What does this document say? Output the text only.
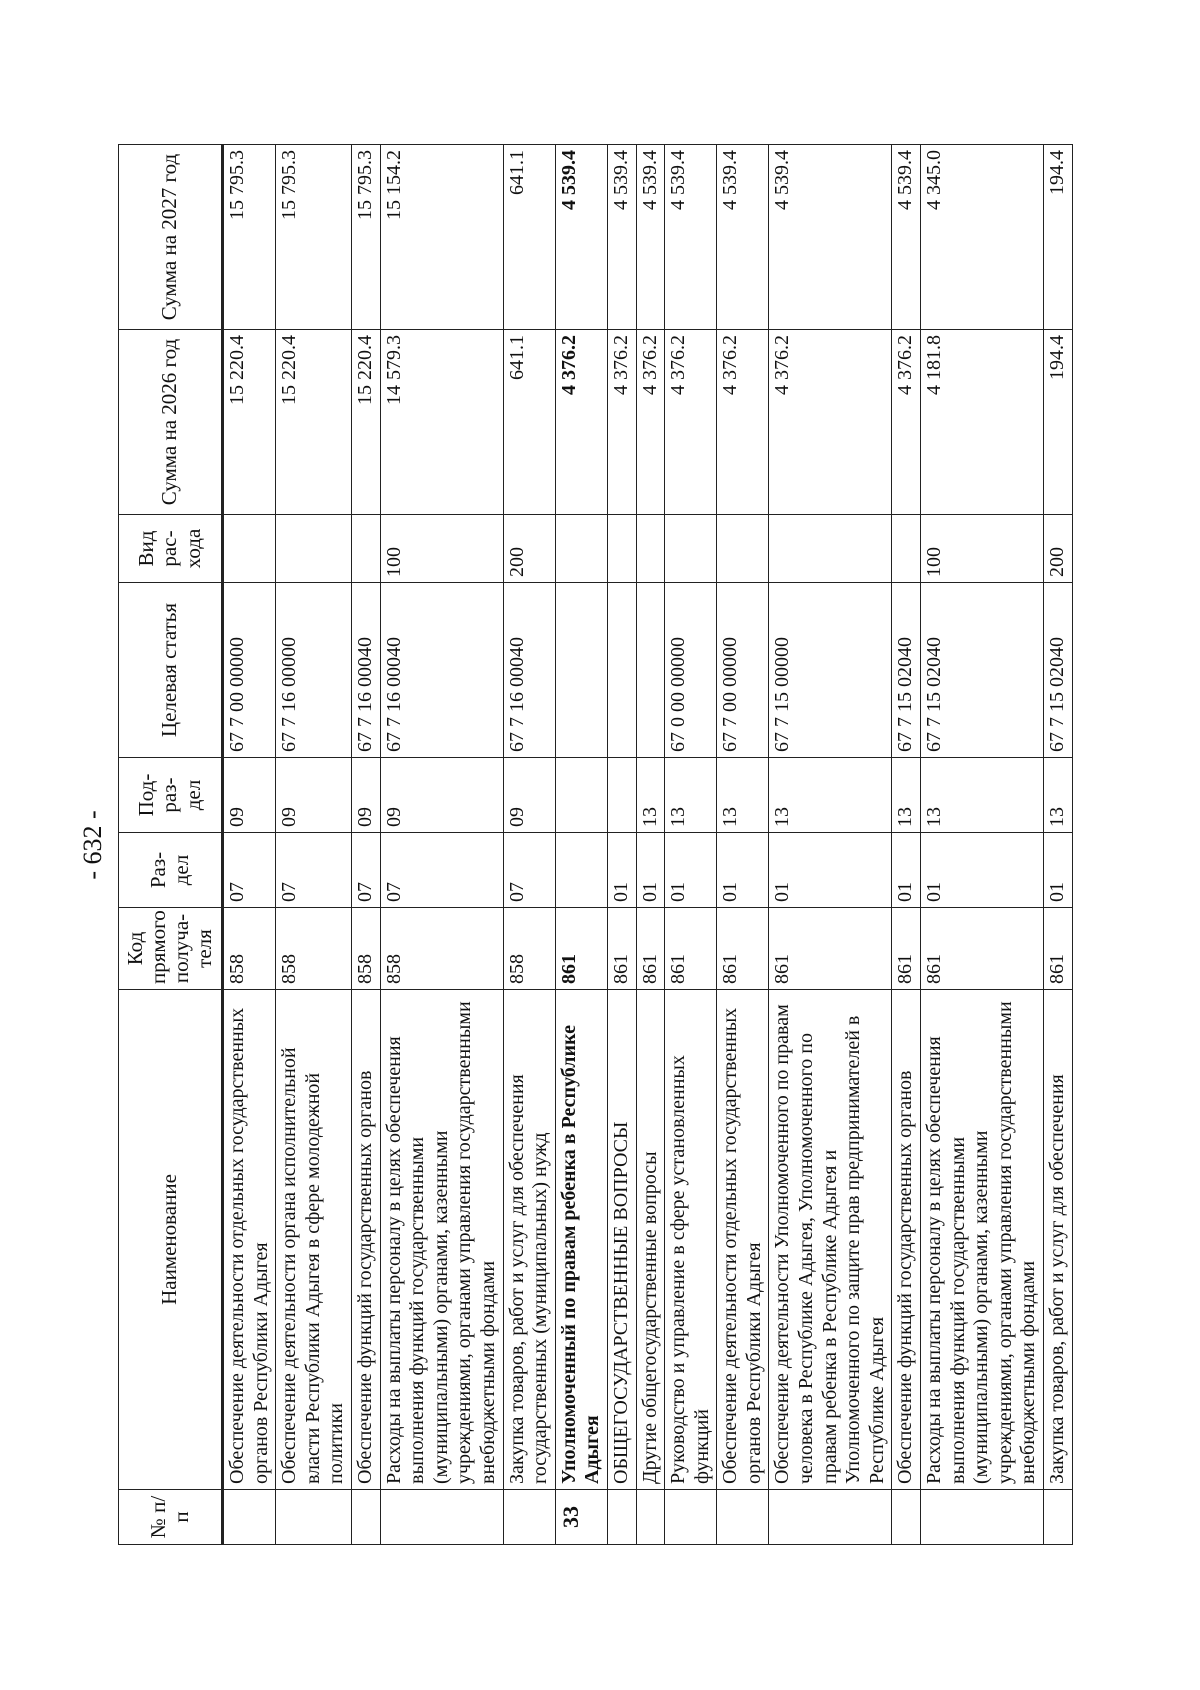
- 632 -
№ п/п	Наименование	Код прямого получа-теля	Раз-дел	Под-раз-дел	Целевая статья	Вид рас-хода	Сумма на 2026 год	Сумма на 2027 год
	Обеспечение деятельности отдельных государственных органов Республики Адыгея	858	07	09	67 7 00 00000		15 220.4	15 795.3
	Обеспечение деятельности органа исполнительной власти Республики Адыгея в сфере молодежной политики	858	07	09	67 7 16 00000		15 220.4	15 795.3
	Обеспечение функций государственных органов	858	07	09	67 7 16 00040		15 220.4	15 795.3
	Расходы на выплаты персоналу в целях обеспечения выполнения функций государственными (муниципальными) органами, казенными учреждениями, органами управления государственными внебюджетными фондами	858	07	09	67 7 16 00040	100	14 579.3	15 154.2
	Закупка товаров, работ и услуг для обеспечения государственных (муниципальных) нужд	858	07	09	67 7 16 00040	200	641.1	641.1
33	Уполномоченный по правам ребенка в Республике Адыгея	861					4 376.2	4 539.4
	ОБЩЕГОСУДАРСТВЕННЫЕ ВОПРОСЫ	861	01				4 376.2	4 539.4
	Другие общегосударственные вопросы	861	01	13			4 376.2	4 539.4
	Руководство и управление в сфере установленных функций	861	01	13	67 0 00 00000		4 376.2	4 539.4
	Обеспечение деятельности отдельных государственных органов Республики Адыгея	861	01	13	67 7 00 00000		4 376.2	4 539.4
	Обеспечение деятельности Уполномоченного по правам человека в Республике Адыгея, Уполномоченного по правам ребенка в Республике Адыгея и Уполномоченного по защите прав предпринимателей в Республике Адыгея	861	01	13	67 7 15 00000		4 376.2	4 539.4
	Обеспечение функций государственных органов	861	01	13	67 7 15 02040		4 376.2	4 539.4
	Расходы на выплаты персоналу в целях обеспечения выполнения функций государственными (муниципальными) органами, казенными учреждениями, органами управления государственными внебюджетными фондами	861	01	13	67 7 15 02040	100	4 181.8	4 345.0
	Закупка товаров, работ и услуг для обеспечения	861	01	13	67 7 15 02040	200	194.4	194.4
